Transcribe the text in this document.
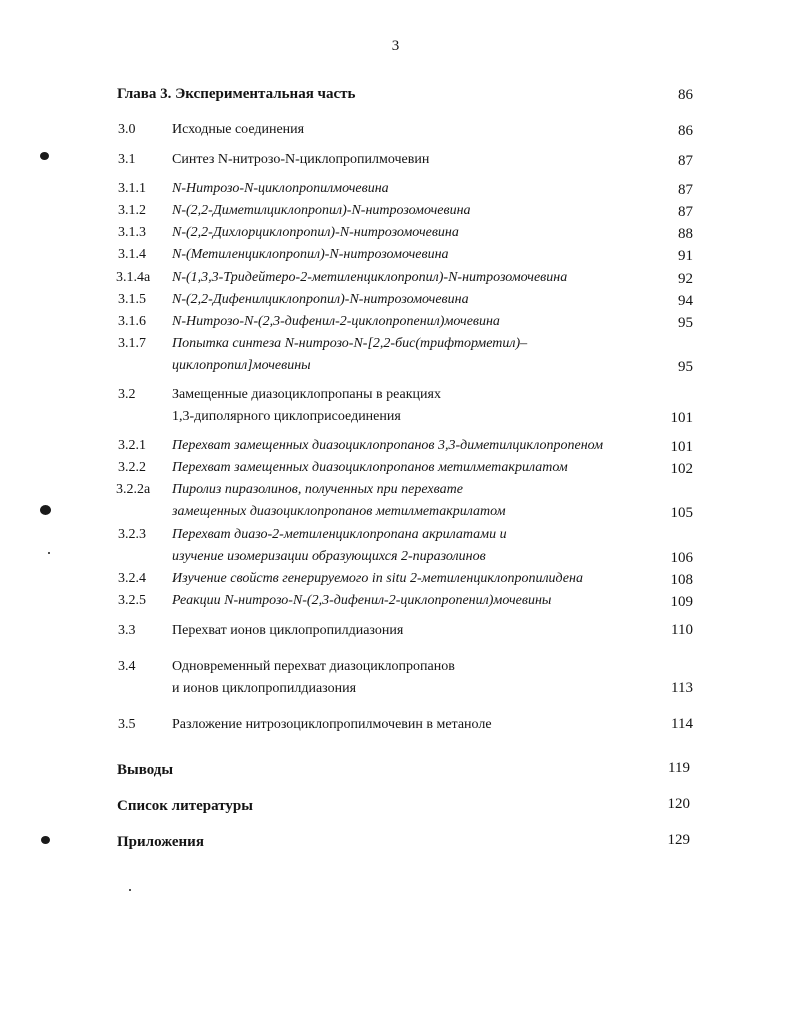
3
Глава 3. Экспериментальная часть	86
3.0	Исходные соединения	86
3.1	Синтез N-нитрозо-N-циклопропилмочевин	87
3.1.1 N-Нитрозо-N-циклопропилмочевина	87
3.1.2 N-(2,2-Диметилциклопропил)-N-нитрозомочевина	87
3.1.3 N-(2,2-Дихлорциклопропил)-N-нитрозомочевина	88
3.1.4 N-(Метиленциклопропил)-N-нитрозомочевина	91
3.1.4a N-(1,3,3-Тридейтеро-2-метиленциклопропил)-N-нитрозомочевина	92
3.1.5 N-(2,2-Дифенилциклопропил)-N-нитрозомочевина	94
3.1.6 N-Нитрозо-N-(2,3-дифенил-2-циклопропенил)мочевина	95
3.1.7 Попытка синтеза N-нитрозо-N-[2,2-бис(трифторметил)–
циклопропил]мочевины	95
3.2	Замещенные диазоциклопропаны в реакциях
1,3-диполярного циклоприсоединения	101
3.2.1 Перехват замещенных диазоциклопропанов 3,3-диметилциклопропеном	101
3.2.2 Перехват замещенных диазоциклопропанов метилметакрилатом	102
3.2.2a Пиролиз пиразолинов, полученных при перехвате
замещенных диазоциклопропанов метилметакрилатом	105
3.2.3 Перехват диазо-2-метиленциклопропана акрилатами и
изучение изомеризации образующихся 2-пиразолинов	106
3.2.4 Изучение свойств генерируемого in situ 2-метиленциклопропилидена	108
3.2.5 Реакции N-нитрозо-N-(2,3-дифенил-2-циклопропенил)мочевины	109
3.3	Перехват ионов циклопропилдиазония	110
3.4	Одновременный перехват диазоциклопропанов
и ионов циклопропилдиазония	113
3.5	Разложение нитрозоциклопропилмочевин в метаноле	114
Выводы	119
Список литературы	120
Приложения	129
